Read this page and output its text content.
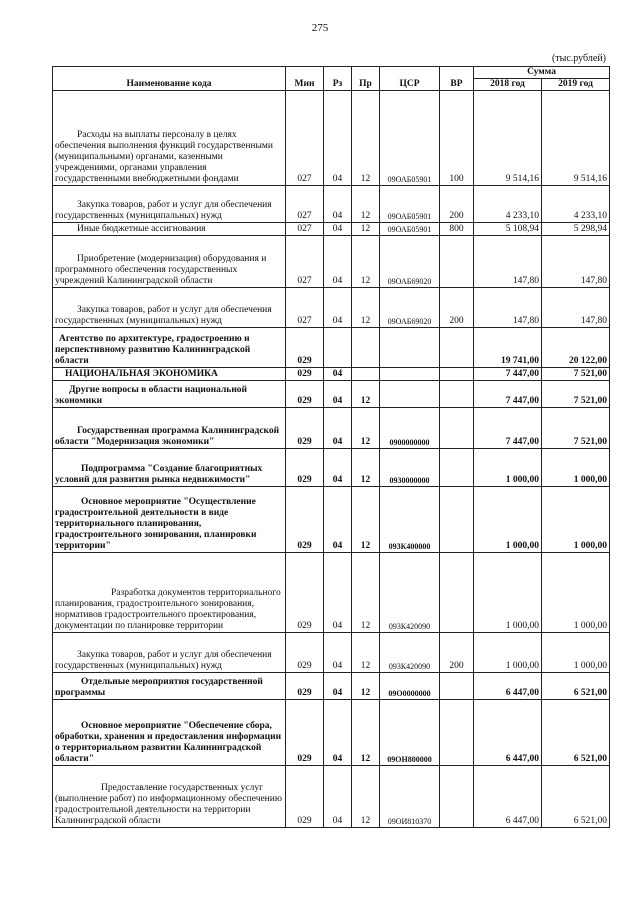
275
(тыс.рублей)
Наименование кода	Мин	Рз	Пр	ЦСР	ВР	Сумма	
						2018 год	2019 год

Расходы на выплаты персоналу в целях обеспечения выполнения функций государственными (муниципальными) органами, казенными учреждениями, органами управления государственными внебюджетными фондами	027	04	12	09ОАБ05901	100	9 514,16	9 514,16

Закупка товаров, работ и услуг для обеспечения государственных (муниципальных) нужд	027	04	12	09ОАБ05901	200	4 233,10	4 233,10

Иные бюджетные ассигнования	027	04	12	09ОАБ05901	800	5 108,94	5 298,94

Приобретение (модернизация) оборудования и программного обеспечения государственных учреждений Калининградской области	027	04	12	09ОАБ69020		147,80	147,80

Закупка товаров, работ и услуг для обеспечения государственных (муниципальных) нужд	027	04	12	09ОАБ69020	200	147,80	147,80

Агентство по архитектуре, градостроению и перспективному развитию Калининградской области	029					19 741,00	20 122,00

НАЦИОНАЛЬНАЯ ЭКОНОМИКА	029	04				7 447,00	7 521,00

Другие вопросы в области национальной экономики	029	04	12			7 447,00	7 521,00

Государственная программа Калининградской области "Модернизация экономики"	029	04	12	0900000000		7 447,00	7 521,00

Подпрограмма "Создание благоприятных условий для развития рынка недвижимости"	029	04	12	0930000000		1 000,00	1 000,00

Основное мероприятие "Осуществление градостроительной деятельности в виде территориального планирования, градостроительного зонирования, планировки территории"	029	04	12	093К400000		1 000,00	1 000,00

Разработка документов территориального планирования, градостроительного зонирования, нормативов градостроительного проектирования, документации по планировке территории	029	04	12	093К420090		1 000,00	1 000,00

Закупка товаров, работ и услуг для обеспечения государственных (муниципальных) нужд	029	04	12	093К420090	200	1 000,00	1 000,00

Отдельные мероприятия государственной программы	029	04	12	09О0000000		6 447,00	6 521,00

Основное мероприятие "Обеспечение сбора, обработки, хранения и предоставления информации о территориальном развитии Калининградской области"	029	04	12	09ОН800000		6 447,00	6 521,00

Предоставление государственных услуг (выполнение работ) по информационному обеспечению градостроительной деятельности на территории Калининградской области	029	04	12	09ОИ810370		6 447,00	6 521,00
